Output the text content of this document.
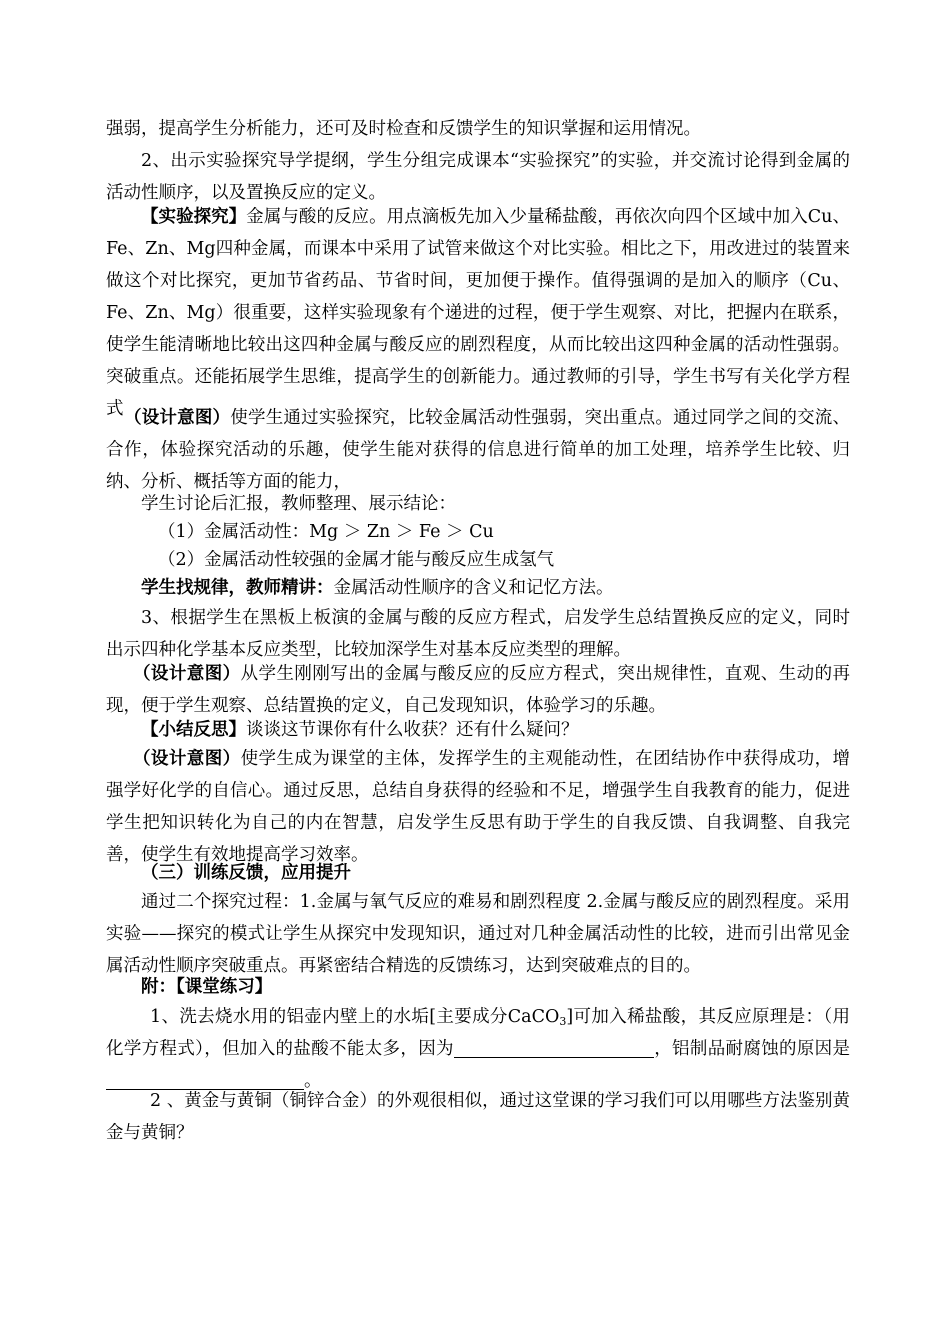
强弱，提高学生分析能力，还可及时检查和反馈学生的知识掌握和运用情况。
2、出示实验探究导学提纲，学生分组完成课本“实验探究”的实验，并交流讨论得到金属的活动性顺序，以及置换反应的定义。
【实验探究】金属与酸的反应。用点滴板先加入少量稀盐酸，再依次向四个区域中加入Cu、Fe、Zn、Mg四种金属，而课本中采用了试管来做这个对比实验。相比之下，用改进过的装置来做这个对比探究，更加节省药品、节省时间，更加便于操作。值得强调的是加入的顺序（Cu、Fe、Zn、Mg）很重要，这样实验现象有个递进的过程，便于学生观察、对比，把握内在联系，使学生能清晰地比较出这四种金属与酸反应的剧烈程度，从而比较出这四种金属的活动性强弱。突破重点。还能拓展学生思维，提高学生的创新能力。通过教师的引导，学生书写有关化学方程式 （设计意图）使学生通过实验探究，比较金属活动性强弱，突出重点。通过同学之间的交流、合作，体验探究活动的乐趣，使学生能对获得的信息进行简单的加工处理，培养学生比较、归纳、分析、概括等方面的能力，
学生讨论后汇报，教师整理、展示结论：
（1）金属活动性：Mg ＞ Zn ＞ Fe ＞ Cu
（2）金属活动性较强的金属才能与酸反应生成氢气
学生找规律，教师精讲：金属活动性顺序的含义和记忆方法。
3、根据学生在黑板上板演的金属与酸的反应方程式，启发学生总结置换反应的定义，同时出示四种化学基本反应类型，比较加深学生对基本反应类型的理解。
（设计意图）从学生刚刚写出的金属与酸反应的反应方程式，突出规律性，直观、生动的再现，便于学生观察、总结置换的定义，自己发现知识，体验学习的乐趣。
【小结反思】谈谈这节课你有什么收获？还有什么疑问？
（设计意图）使学生成为课堂的主体，发挥学生的主观能动性，在团结协作中获得成功，增强学好化学的自信心。通过反思，总结自身获得的经验和不足，增强学生自我教育的能力，促进学生把知识转化为自己的内在智慧，启发学生反思有助于学生的自我反馈、自我调整、自我完善，使学生有效地提高学习效率。
（三）训练反馈，应用提升
通过二个探究过程：1.金属与氧气反应的难易和剧烈程度 2.金属与酸反应的剧烈程度。采用实验——探究的模式让学生从探究中发现知识，通过对几种金属活动性的比较，进而引出常见金属活动性顺序突破重点。再紧密结合精选的反馈练习，达到突破难点的目的。
附：【课堂练习】
1、洗去烧水用的铝壶内壁上的水垢[主要成分CaCO$_3$]可加入稀盐酸，其反应原理是：（用化学方程式），但加入的盐酸不能太多，因为	，铝制品耐腐蚀的原因是。
2 、黄金与黄铜（铜锌合金）的外观很相似，通过这堂课的学习我们可以用哪些方法鉴别黄金与黄铜？
